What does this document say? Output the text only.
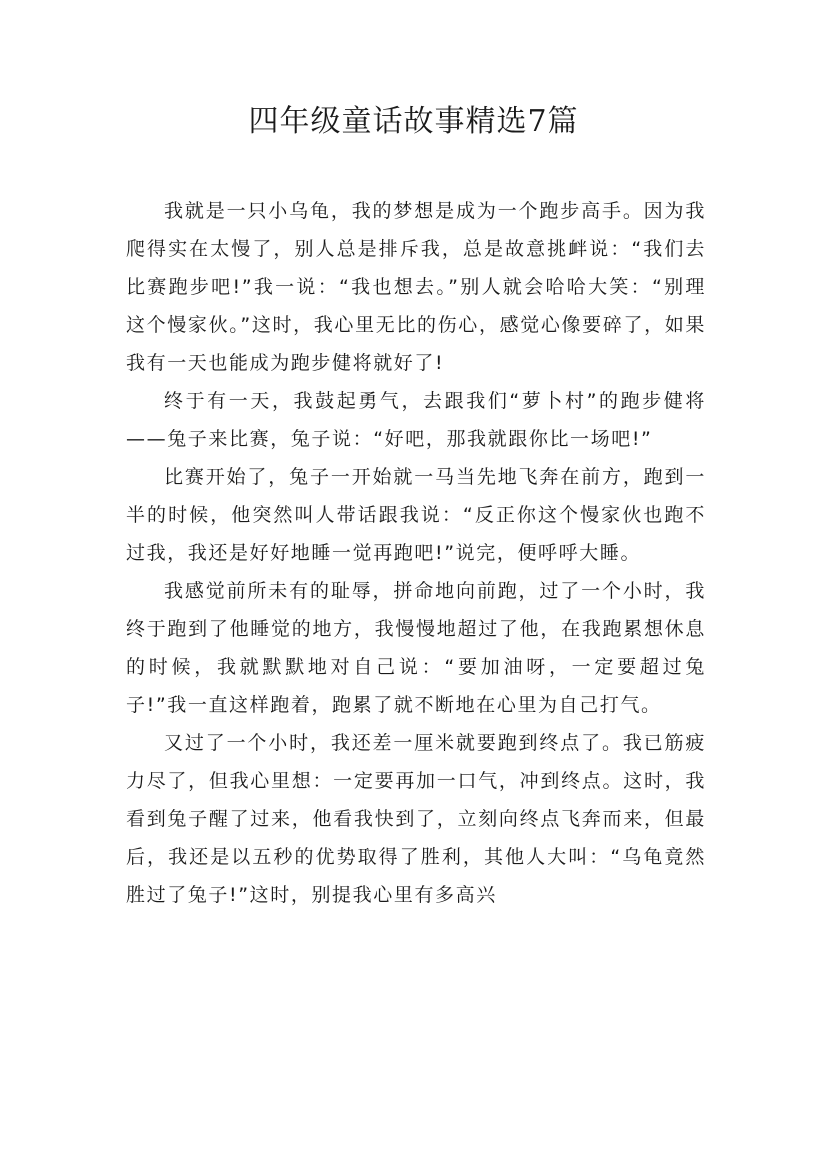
四年级童话故事精选7篇

我就是一只小乌龟，我的梦想是成为一个跑步高手。因为我爬得实在太慢了，别人总是排斥我，总是故意挑衅说：“我们去比赛跑步吧!”我一说：“我也想去。”别人就会哈哈大笑：“别理这个慢家伙。”这时，我心里无比的伤心，感觉心像要碎了，如果我有一天也能成为跑步健将就好了!

终于有一天，我鼓起勇气，去跟我们“萝卜村”的跑步健将——兔子来比赛，兔子说：“好吧，那我就跟你比一场吧!”

比赛开始了，兔子一开始就一马当先地飞奔在前方，跑到一半的时候，他突然叫人带话跟我说：“反正你这个慢家伙也跑不过我，我还是好好地睡一觉再跑吧!”说完，便呼呼大睡。

我感觉前所未有的耻辱，拼命地向前跑，过了一个小时，我终于跑到了他睡觉的地方，我慢慢地超过了他，在我跑累想休息的时候，我就默默地对自己说：“要加油呀，一定要超过兔子!”我一直这样跑着，跑累了就不断地在心里为自己打气。

又过了一个小时，我还差一厘米就要跑到终点了。我已筋疲力尽了，但我心里想：一定要再加一口气，冲到终点。这时，我看到兔子醒了过来，他看我快到了，立刻向终点飞奔而来，但最后，我还是以五秒的优势取得了胜利，其他人大叫：“乌龟竟然胜过了兔子!”这时，别提我心里有多高兴
